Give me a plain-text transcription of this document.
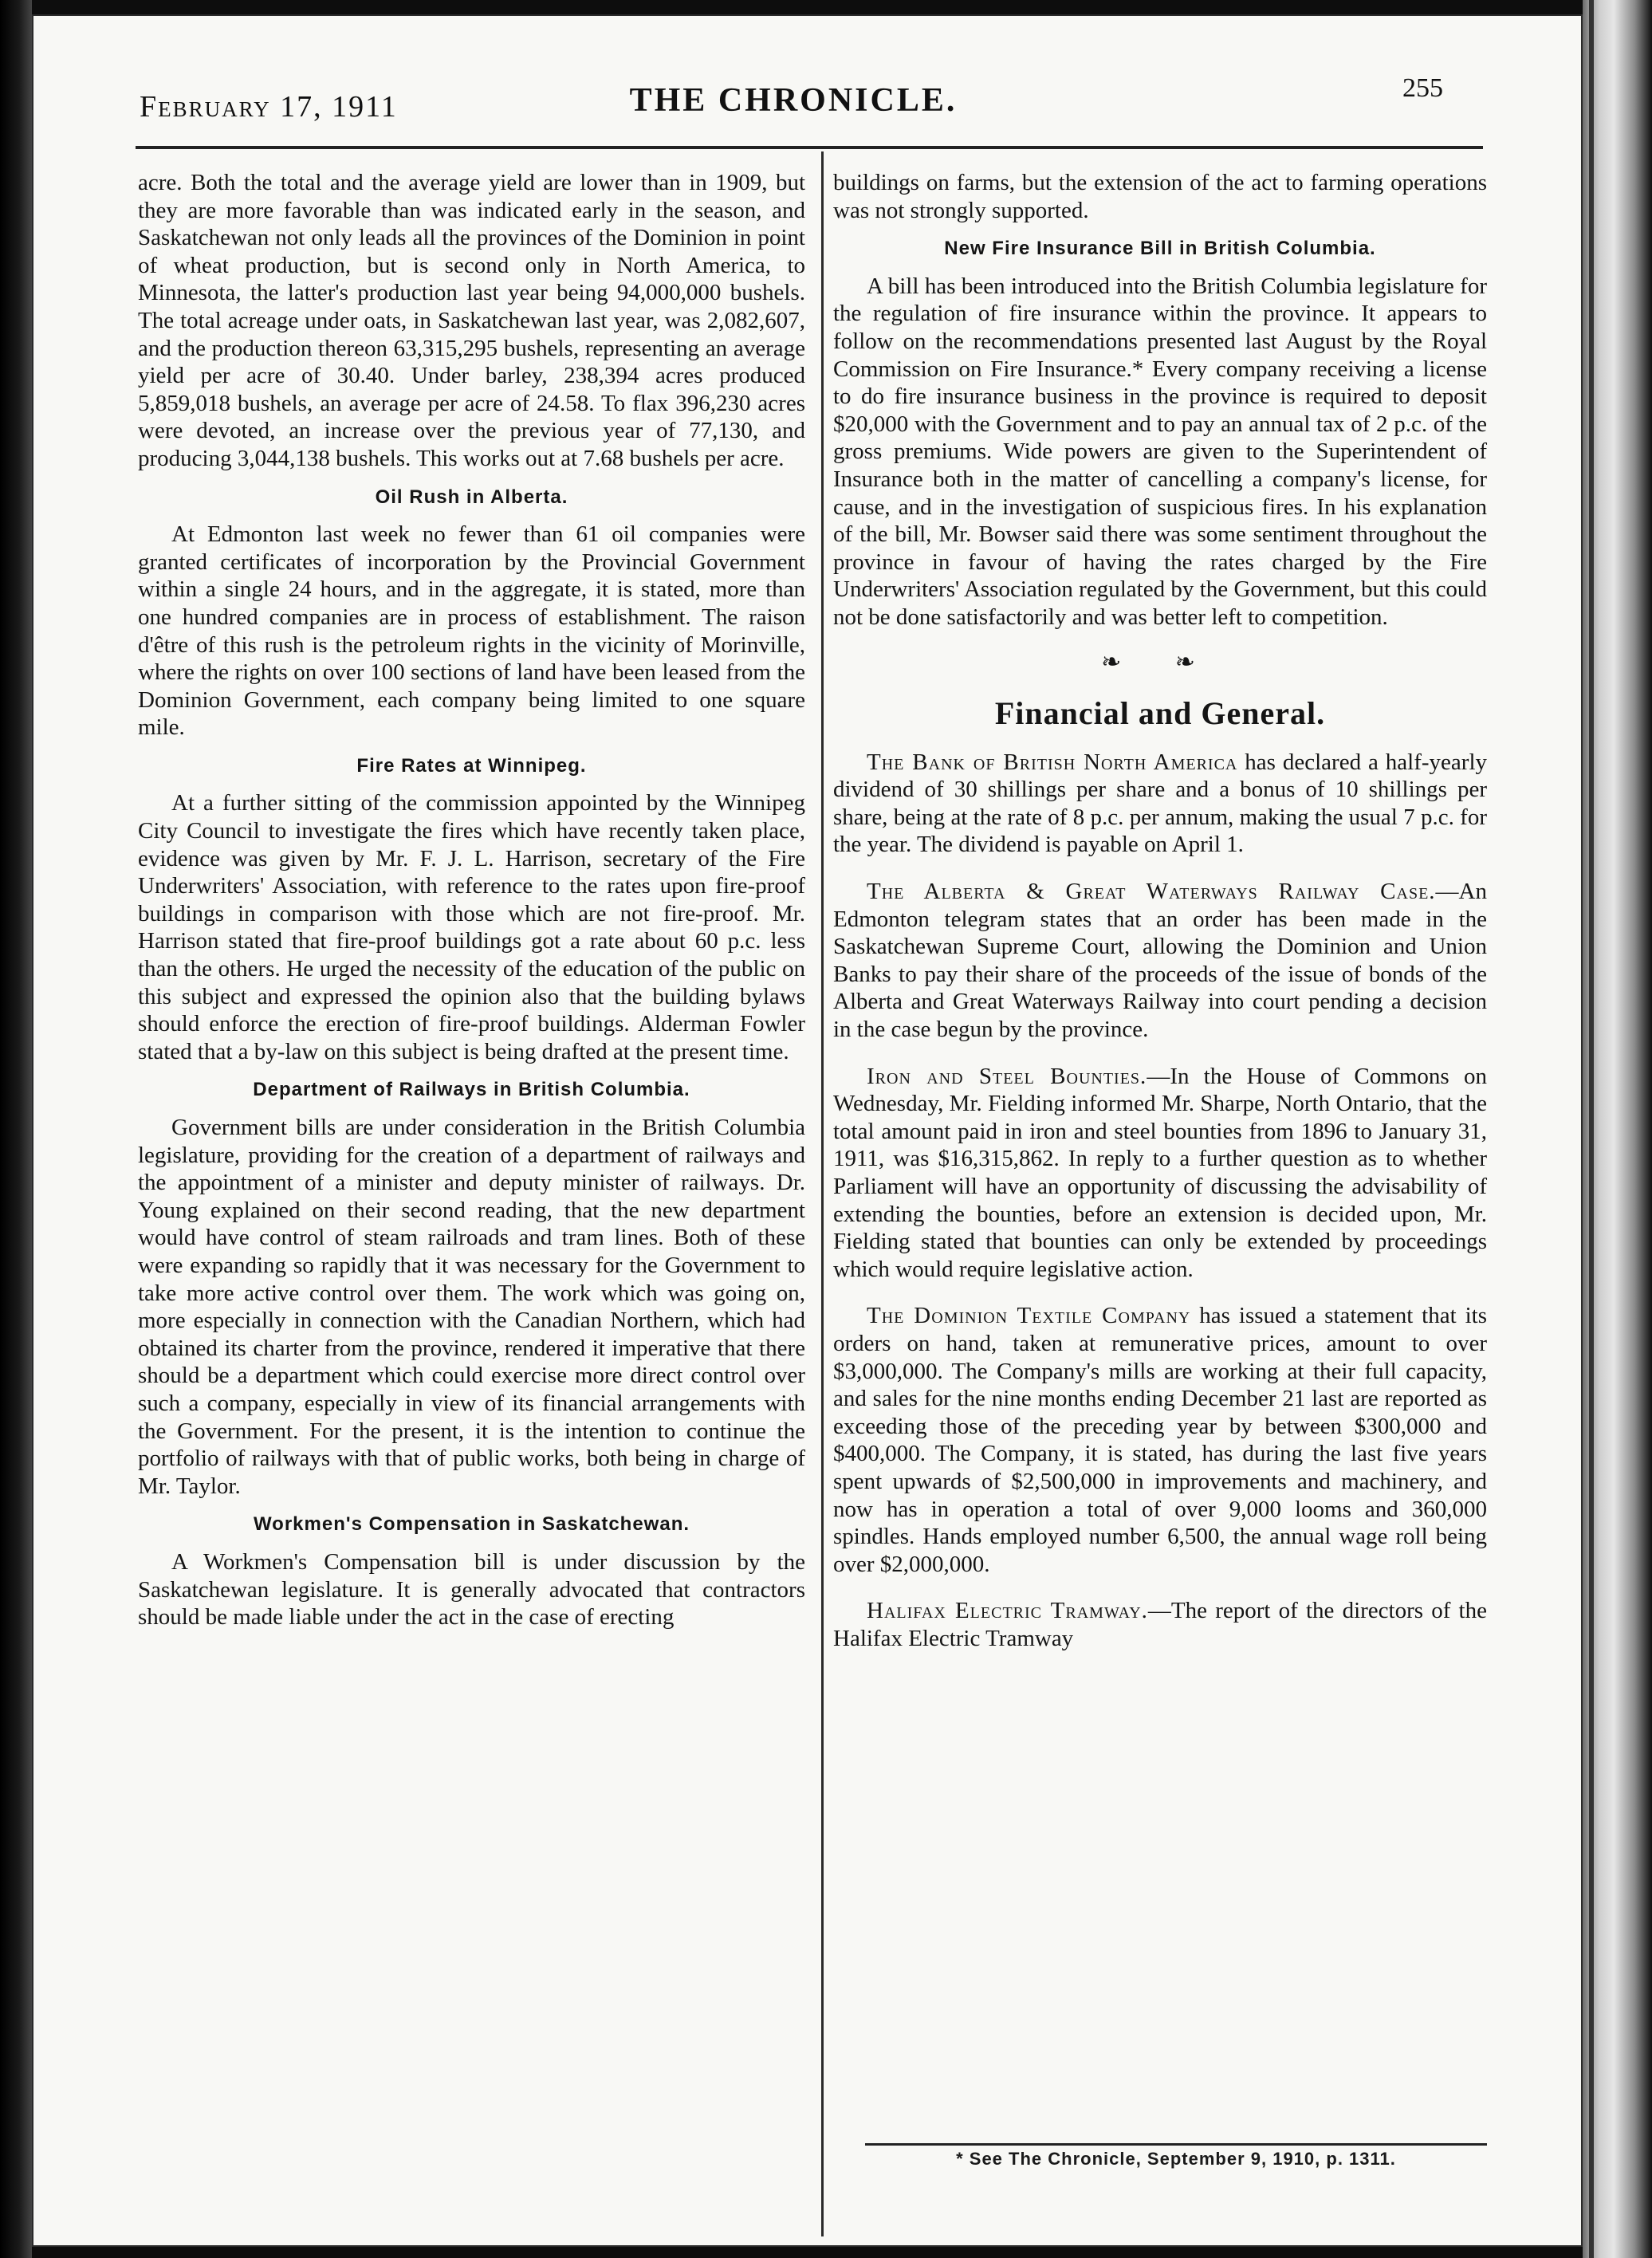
February 17, 1911	THE CHRONICLE.	255

acre. Both the total and the average yield are lower than in 1909, but they are more favorable than was indicated early in the season, and Saskatchewan not only leads all the provinces of the Dominion in point of wheat production, but is second only in North America, to Minnesota, the latter's production last year being 94,000,000 bushels. The total acreage under oats, in Saskatchewan last year, was 2,082,607, and the production thereon 63,315,295 bushels, representing an average yield per acre of 30.40. Under barley, 238,394 acres produced 5,859,018 bushels, an average per acre of 24.58. To flax 396,230 acres were devoted, an increase over the previous year of 77,130, and producing 3,044,138 bushels. This works out at 7.68 bushels per acre.

Oil Rush in Alberta.

At Edmonton last week no fewer than 61 oil companies were granted certificates of incorporation by the Provincial Government within a single 24 hours, and in the aggregate, it is stated, more than one hundred companies are in process of establishment. The raison d'être of this rush is the petroleum rights in the vicinity of Morinville, where the rights on over 100 sections of land have been leased from the Dominion Government, each company being limited to one square mile.

Fire Rates at Winnipeg.

At a further sitting of the commission appointed by the Winnipeg City Council to investigate the fires which have recently taken place, evidence was given by Mr. F. J. L. Harrison, secretary of the Fire Underwriters' Association, with reference to the rates upon fire-proof buildings in comparison with those which are not fire-proof. Mr. Harrison stated that fire-proof buildings got a rate about 60 p.c. less than the others. He urged the necessity of the education of the public on this subject and expressed the opinion also that the building bylaws should enforce the erection of fire-proof buildings. Alderman Fowler stated that a by-law on this subject is being drafted at the present time.

Department of Railways in British Columbia.

Government bills are under consideration in the British Columbia legislature, providing for the creation of a department of railways and the appointment of a minister and deputy minister of railways. Dr. Young explained on their second reading, that the new department would have control of steam railroads and tram lines. Both of these were expanding so rapidly that it was necessary for the Government to take more active control over them. The work which was going on, more especially in connection with the Canadian Northern, which had obtained its charter from the province, rendered it imperative that there should be a department which could exercise more direct control over such a company, especially in view of its financial arrangements with the Government. For the present, it is the intention to continue the portfolio of railways with that of public works, both being in charge of Mr. Taylor.

Workmen's Compensation in Saskatchewan.

A Workmen's Compensation bill is under discussion by the Saskatchewan legislature. It is generally advocated that contractors should be made liable under the act in the case of erecting

buildings on farms, but the extension of the act to farming operations was not strongly supported.

New Fire Insurance Bill in British Columbia.

A bill has been introduced into the British Columbia legislature for the regulation of fire insurance within the province. It appears to follow on the recommendations presented last August by the Royal Commission on Fire Insurance.* Every company receiving a license to do fire insurance business in the province is required to deposit $20,000 with the Government and to pay an annual tax of 2 p.c. of the gross premiums. Wide powers are given to the Superintendent of Insurance both in the matter of cancelling a company's license, for cause, and in the investigation of suspicious fires. In his explanation of the bill, Mr. Bowser said there was some sentiment throughout the province in favour of having the rates charged by the Fire Underwriters' Association regulated by the Government, but this could not be done satisfactorily and was better left to competition.

❧ ❧
Financial and General.

The Bank of British North America has declared a half-yearly dividend of 30 shillings per share and a bonus of 10 shillings per share, being at the rate of 8 p.c. per annum, making the usual 7 p.c. for the year. The dividend is payable on April 1.

The Alberta & Great Waterways Railway Case.—An Edmonton telegram states that an order has been made in the Saskatchewan Supreme Court, allowing the Dominion and Union Banks to pay their share of the proceeds of the issue of bonds of the Alberta and Great Waterways Railway into court pending a decision in the case begun by the province.

Iron and Steel Bounties.—In the House of Commons on Wednesday, Mr. Fielding informed Mr. Sharpe, North Ontario, that the total amount paid in iron and steel bounties from 1896 to January 31, 1911, was $16,315,862. In reply to a further question as to whether Parliament will have an opportunity of discussing the advisability of extending the bounties, before an extension is decided upon, Mr. Fielding stated that bounties can only be extended by proceedings which would require legislative action.

The Dominion Textile Company has issued a statement that its orders on hand, taken at remunerative prices, amount to over $3,000,000. The Company's mills are working at their full capacity, and sales for the nine months ending December 21 last are reported as exceeding those of the preceding year by between $300,000 and $400,000. The Company, it is stated, has during the last five years spent upwards of $2,500,000 in improvements and machinery, and now has in operation a total of over 9,000 looms and 360,000 spindles. Hands employed number 6,500, the annual wage roll being over $2,000,000.

Halifax Electric Tramway.—The report of the directors of the Halifax Electric Tramway

* See The Chronicle, September 9, 1910, p. 1311.
